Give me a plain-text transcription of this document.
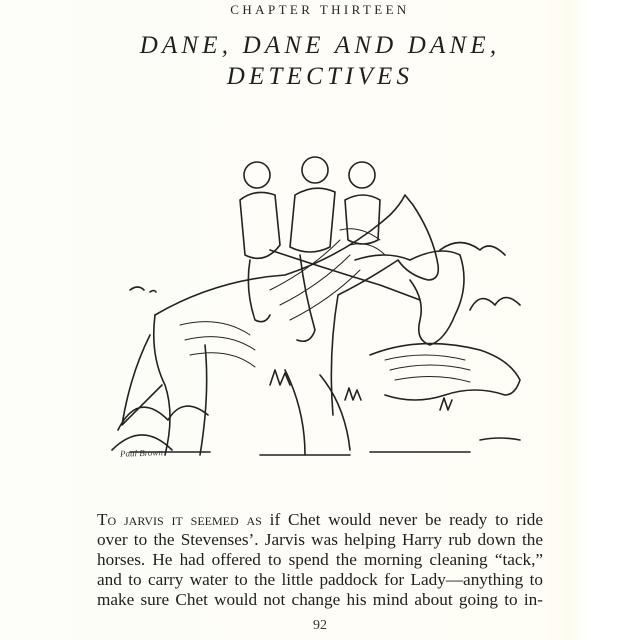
CHAPTER THIRTEEN
DANE, DANE AND DANE,
DETECTIVES
Paul Brown
To jarvis it seemed as if Chet would never be ready to ride
over to the Stevenses’. Jarvis was helping Harry rub down the
horses. He had offered to spend the morning cleaning “tack,”
and to carry water to the little paddock for Lady—anything to
make sure Chet would not change his mind about going to in-
92
